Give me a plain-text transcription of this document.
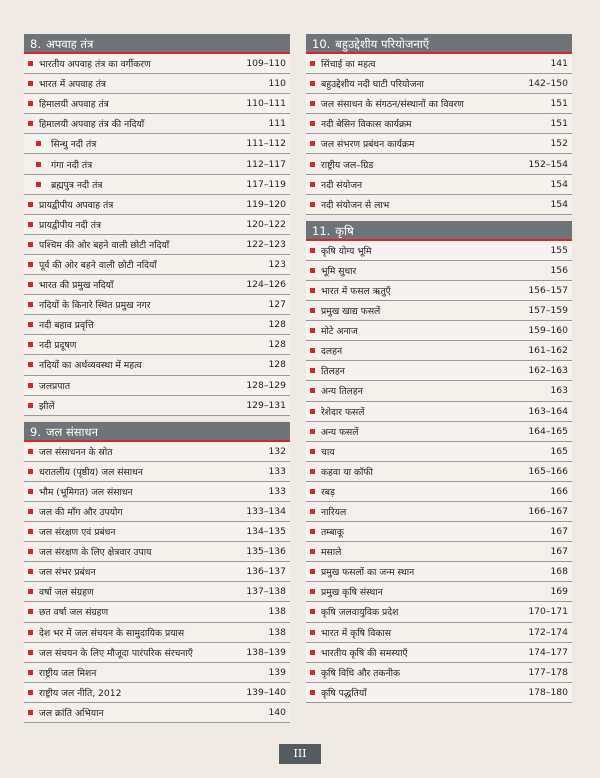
8. अपवाह तंत्र
भारतीय अपवाह तंत्र का वर्गीकरण	109–110
भारत में अपवाह तंत्र	110
हिमालयी अपवाह तंत्र	110–111
हिमालयी अपवाह तंत्र की नदियाँ	111
सिन्धु नदी तंत्र	111–112
गंगा नदी तंत्र	112–117
ब्रह्मपुत्र नदी तंत्र	117–119
प्रायद्वीपीय अपवाह तंत्र	119–120
प्रायद्वीपीय नदी तंत्र	120–122
पश्चिम की ओर बहने वाली छोटी नदियाँ	122–123
पूर्व की ओर बहने वाली छोटी नदियाँ	123
भारत की प्रमुख नदियाँ	124–126
नदियों के किनारे स्थित प्रमुख नगर	127
नदी बहाव प्रवृत्ति	128
नदी प्रदूषण	128
नदियों का अर्थव्यवस्था में महत्व	128
जलप्रपात	128–129
झीलें	129–131
9. जल संसाधन
जल संसाधनन के स्रोत	132
धरातलीय (पृष्ठीय) जल संसाधन	133
भौम (भूमिगत) जल संसाधन	133
जल की माँग और उपयोग	133–134
जल संरक्षण एवं प्रबंधन	134–135
जल संरक्षण के लिए क्षेत्रवार उपाय	135–136
जल संभर प्रबंधन	136–137
वर्षा जल संग्रहण	137–138
छत वर्षा जल संग्रहण	138
देश भर में जल संचयन के सामुदायिक प्रयास	138
जल संचयन के लिए मौजूदा पारंपरिक संरचनाएँ	138–139
राष्ट्रीय जल मिशन	139
राष्ट्रीय जल नीति, 2012	139–140
जल क्रांति अभियान	140
10. बहुउद्देशीय परियोजनाएँ
सिंचाई का महत्व	141
बहुउद्देशीय नदी घाटी परियोजना	142–150
जल संसाधन के संगठन/संस्थानों का विवरण	151
नदी बेसिन विकास कार्यक्रम	151
जल संभरण प्रबंधन कार्यक्रम	152
राष्ट्रीय जल–ग्रिड	152–154
नदी संयोजन	154
नदी संयोजन से लाभ	154
11. कृषि
कृषि योग्य भूमि	155
भूमि सुधार	156
भारत में फसल ऋतुएँ	156–157
प्रमुख खाद्य फसलें	157–159
मोटे अनाज	159–160
दलहन	161–162
तिलहन	162–163
अन्य तिलहन	163
रेशेदार फसलें	163–164
अन्य फसलें	164–165
चाय	165
कहवा या कॉफी	165–166
रबड़	166
नारियल	166–167
तम्बाकू	167
मसाले	167
प्रमुख फसलों का जन्म स्थान	168
प्रमुख कृषि संस्थान	169
कृषि जलवायुविक प्रदेश	170–171
भारत में कृषि विकास	172–174
भारतीय कृषि की समस्याएँ	174–177
कृषि विधि और तकनीक	177–178
कृषि पद्धतियाँ	178–180
III
